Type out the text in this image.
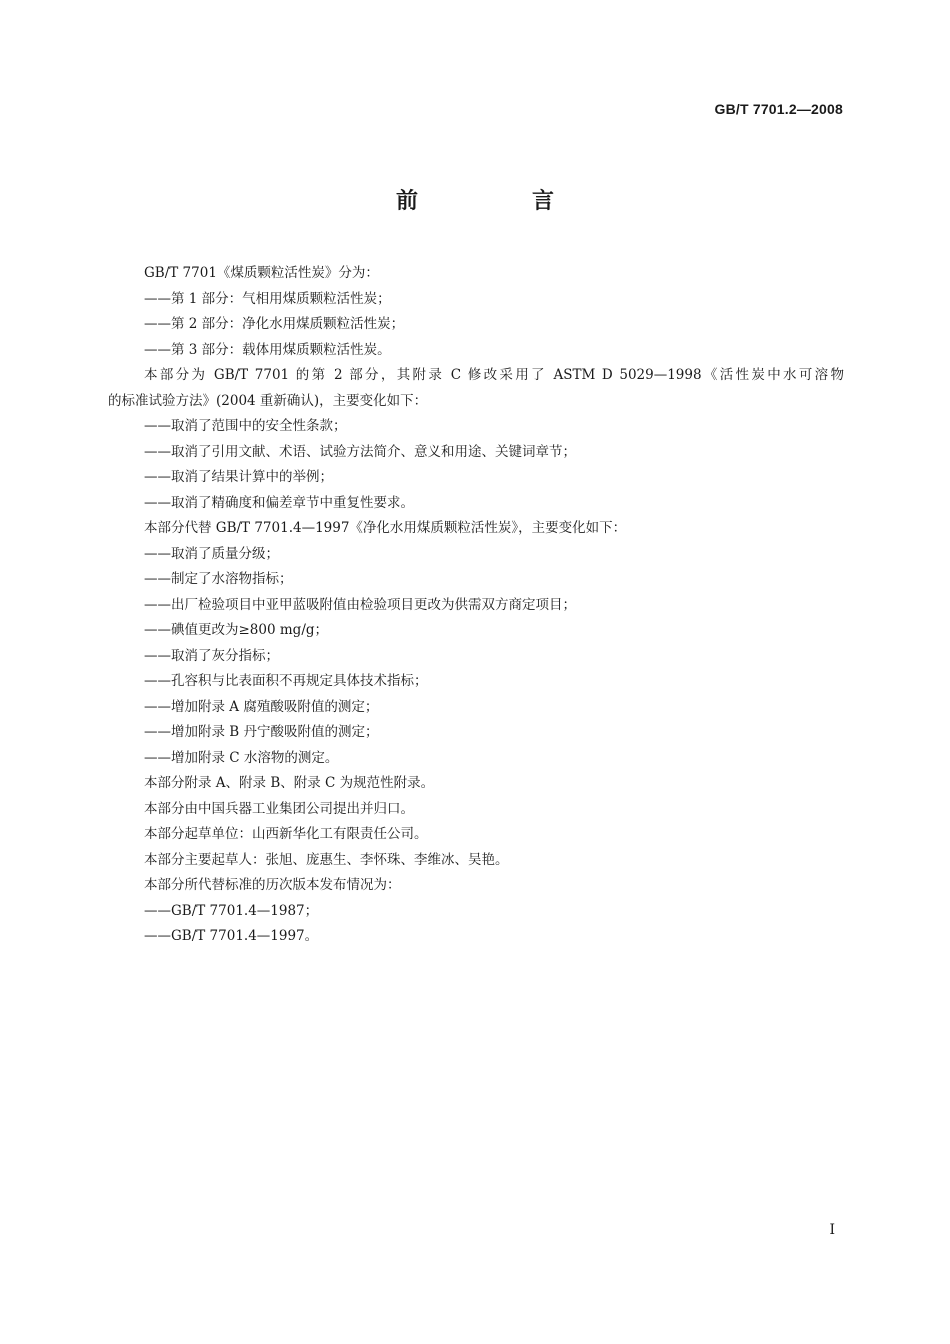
GB/T 7701.2—2008
前　言
GB/T 7701《煤质颗粒活性炭》分为：
——第 1 部分：气相用煤质颗粒活性炭；
——第 2 部分：净化水用煤质颗粒活性炭；
——第 3 部分：载体用煤质颗粒活性炭。
本部分为 GB/T 7701 的第 2 部分，其附录 C 修改采用了 ASTM D 5029—1998《活性炭中水可溶物
的标准试验方法》(2004 重新确认)，主要变化如下：
——取消了范围中的安全性条款；
——取消了引用文献、术语、试验方法简介、意义和用途、关键词章节；
——取消了结果计算中的举例；
——取消了精确度和偏差章节中重复性要求。
本部分代替 GB/T 7701.4—1997《净化水用煤质颗粒活性炭》，主要变化如下：
——取消了质量分级；
——制定了水溶物指标；
——出厂检验项目中亚甲蓝吸附值由检验项目更改为供需双方商定项目；
——碘值更改为≥800 mg/g；
——取消了灰分指标；
——孔容积与比表面积不再规定具体技术指标；
——增加附录 A 腐殖酸吸附值的测定；
——增加附录 B 丹宁酸吸附值的测定；
——增加附录 C 水溶物的测定。
本部分附录 A、附录 B、附录 C 为规范性附录。
本部分由中国兵器工业集团公司提出并归口。
本部分起草单位：山西新华化工有限责任公司。
本部分主要起草人：张旭、庞惠生、李怀珠、李维冰、吴艳。
本部分所代替标准的历次版本发布情况为：
——GB/T 7701.4—1987；
——GB/T 7701.4—1997。
I
